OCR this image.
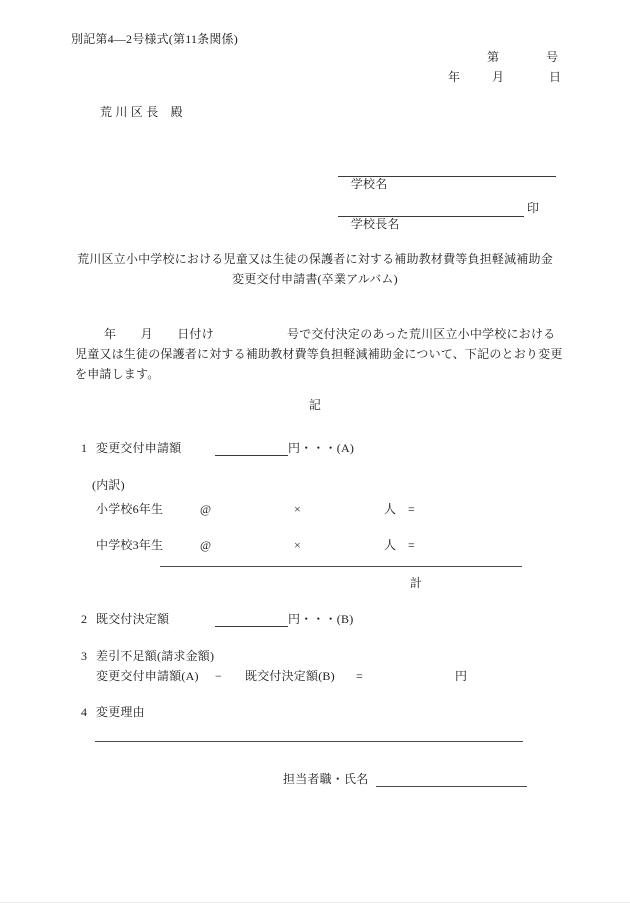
別記第4―2号様式(第11条関係)
第	号
年	月	日
荒 川 区 長　殿

学校名

学校長名

印
荒川区立小中学校における児童又は生徒の保護者に対する補助教材費等負担軽減補助金
変更交付申請書(卒業アルバム)
年　　月　　日付け　　　　　　号で交付決定のあった荒川区立小中学校における
児童又は生徒の保護者に対する補助教材費等負担軽減補助金について、下記のとおり変更
を申請します。
記
1 変更交付申請額	円・・・(A)
(内訳)
小学校6年生	@	×	人 =
中学校3年生	@	×	人 =
計
2 既交付決定額	円・・・(B)
3 差引不足額(請求金額)
変更交付申請額(A) − 既交付決定額(B) =	円
4 変更理由
担当者職・氏名
